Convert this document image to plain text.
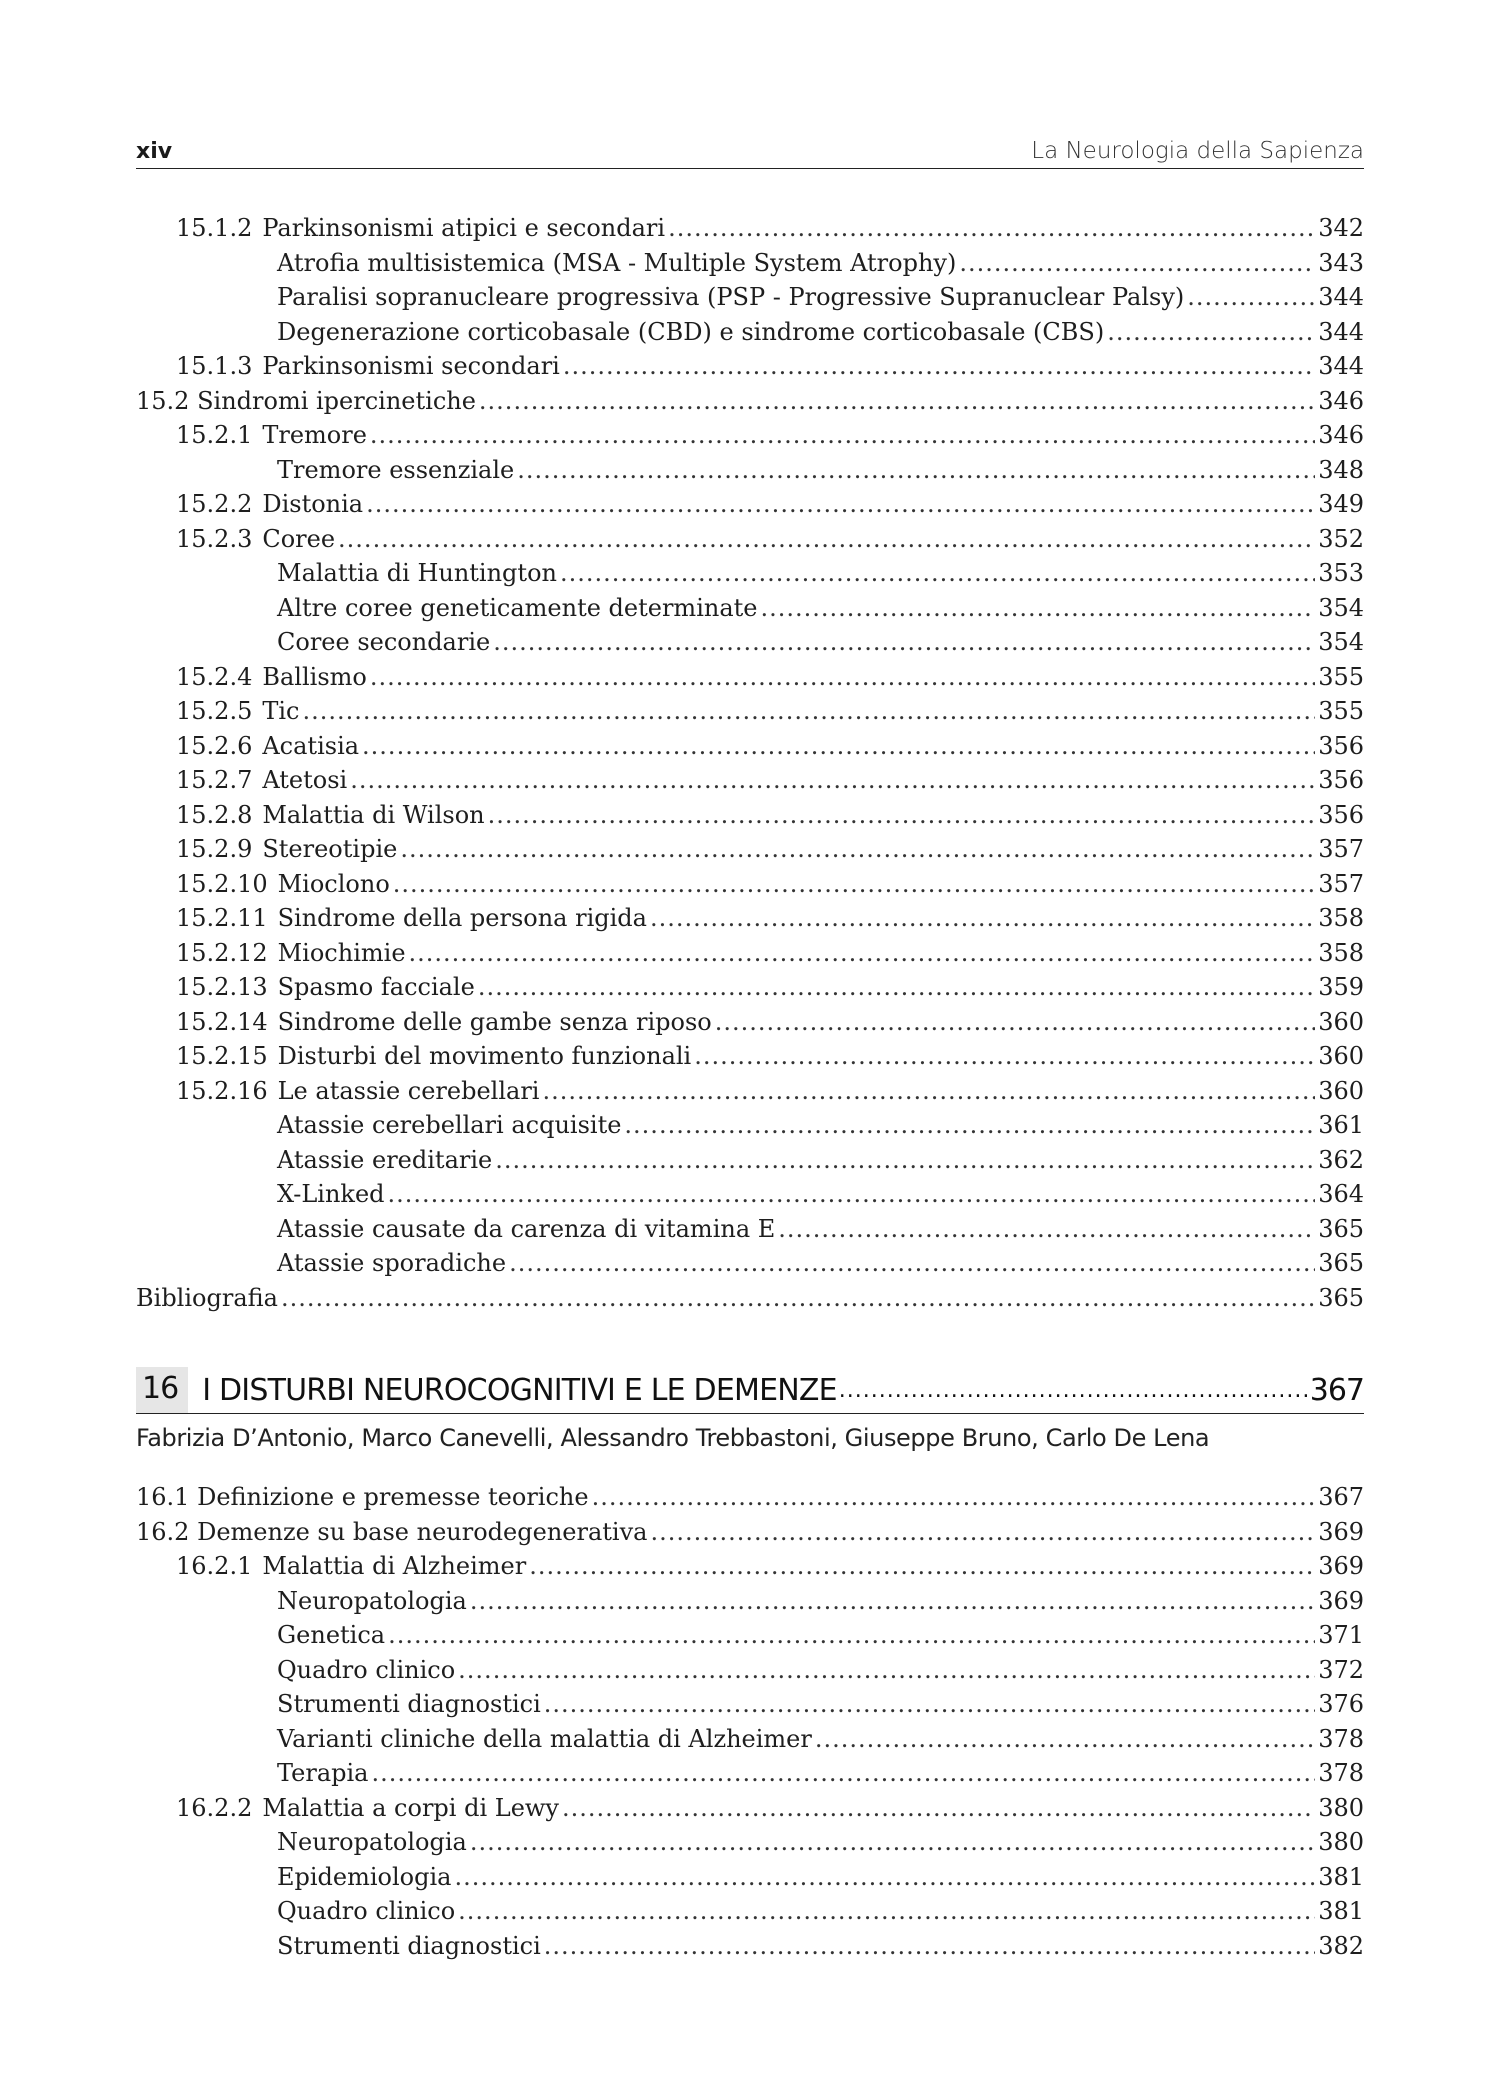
xiv	La Neurologia della Sapienza
15.1.2 Parkinsonismi atipici e secondari .....	342
Atrofia multisistemica (MSA - Multiple System Atrophy) .....	343
Paralisi sopranucleare progressiva (PSP - Progressive Supranuclear Palsy) .....	344
Degenerazione corticobasale (CBD) e sindrome corticobasale (CBS) .....	344
15.1.3 Parkinsonismi secondari .....	344
15.2 Sindromi ipercinetiche .....	346
15.2.1 Tremore .....	346
Tremore essenziale .....	348
15.2.2 Distonia .....	349
15.2.3 Coree .....	352
Malattia di Huntington .....	353
Altre coree geneticamente determinate .....	354
Coree secondarie .....	354
15.2.4 Ballismo .....	355
15.2.5 Tic .....	355
15.2.6 Acatisia .....	356
15.2.7 Atetosi .....	356
15.2.8 Malattia di Wilson .....	356
15.2.9 Stereotipie .....	357
15.2.10 Mioclono .....	357
15.2.11 Sindrome della persona rigida .....	358
15.2.12 Miochimie .....	358
15.2.13 Spasmo facciale .....	359
15.2.14 Sindrome delle gambe senza riposo .....	360
15.2.15 Disturbi del movimento funzionali .....	360
15.2.16 Le atassie cerebellari .....	360
Atassie cerebellari acquisite .....	361
Atassie ereditarie .....	362
X-Linked .....	364
Atassie causate da carenza di vitamina E .....	365
Atassie sporadiche .....	365
Bibliografia .....	365
16 I DISTURBI NEUROCOGNITIVI E LE DEMENZE .....	367
Fabrizia D’Antonio, Marco Canevelli, Alessandro Trebbastoni, Giuseppe Bruno, Carlo De Lena
16.1 Definizione e premesse teoriche .....	367
16.2 Demenze su base neurodegenerativa .....	369
16.2.1 Malattia di Alzheimer .....	369
Neuropatologia .....	369
Genetica .....	371
Quadro clinico .....	372
Strumenti diagnostici .....	376
Varianti cliniche della malattia di Alzheimer .....	378
Terapia .....	378
16.2.2 Malattia a corpi di Lewy .....	380
Neuropatologia .....	380
Epidemiologia .....	381
Quadro clinico .....	381
Strumenti diagnostici .....	382
